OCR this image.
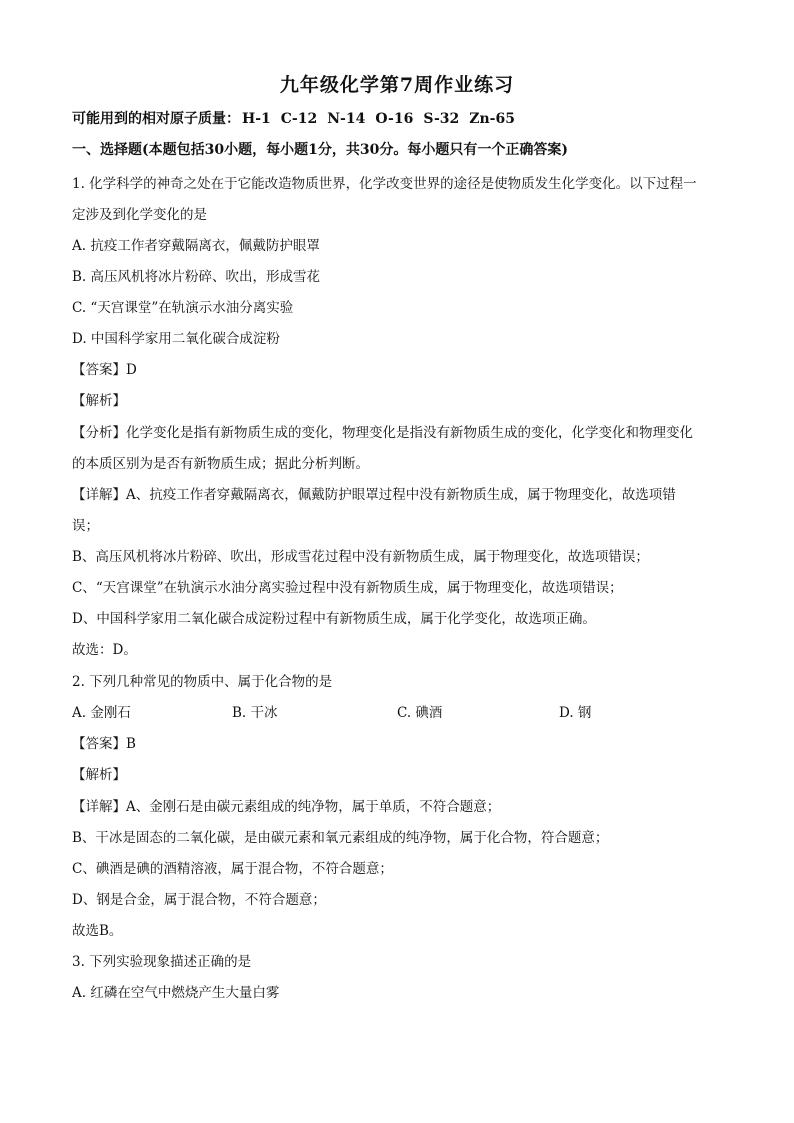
九年级化学第7周作业练习
可能用到的相对原子质量： H-1 C-12 N-14 O-16 S-32 Zn-65
一、选择题(本题包括30小题，每小题1分，共30分。每小题只有一个正确答案)
1. 化学科学的神奇之处在于它能改造物质世界，化学改变世界的途径是使物质发生化学变化。以下过程一
定涉及到化学变化的是
A. 抗疫工作者穿戴隔离衣，佩戴防护眼罩
B. 高压风机将冰片粉碎、吹出，形成雪花
C. “天宫课堂”在轨演示水油分离实验
D. 中国科学家用二氧化碳合成淀粉
【答案】D
【解析】
【分析】化学变化是指有新物质生成的变化，物理变化是指没有新物质生成的变化，化学变化和物理变化
的本质区别为是否有新物质生成；据此分析判断。
【详解】A、抗疫工作者穿戴隔离衣，佩戴防护眼罩过程中没有新物质生成，属于物理变化，故选项错
误；
B、高压风机将冰片粉碎、吹出，形成雪花过程中没有新物质生成，属于物理变化，故选项错误；
C、“天宫课堂”在轨演示水油分离实验过程中没有新物质生成，属于物理变化，故选项错误；
D、中国科学家用二氧化碳合成淀粉过程中有新物质生成，属于化学变化，故选项正确。
故选：D。
2. 下列几种常见的物质中、属于化合物的是
A. 金刚石	B. 干冰	C. 碘酒	D. 钢
【答案】B
【解析】
【详解】A、金刚石是由碳元素组成的纯净物，属于单质，不符合题意；
B、干冰是固态的二氧化碳，是由碳元素和氧元素组成的纯净物，属于化合物，符合题意；
C、碘酒是碘的酒精溶液，属于混合物，不符合题意；
D、钢是合金，属于混合物，不符合题意；
故选B。
3. 下列实验现象描述正确的是
A. 红磷在空气中燃烧产生大量白雾
